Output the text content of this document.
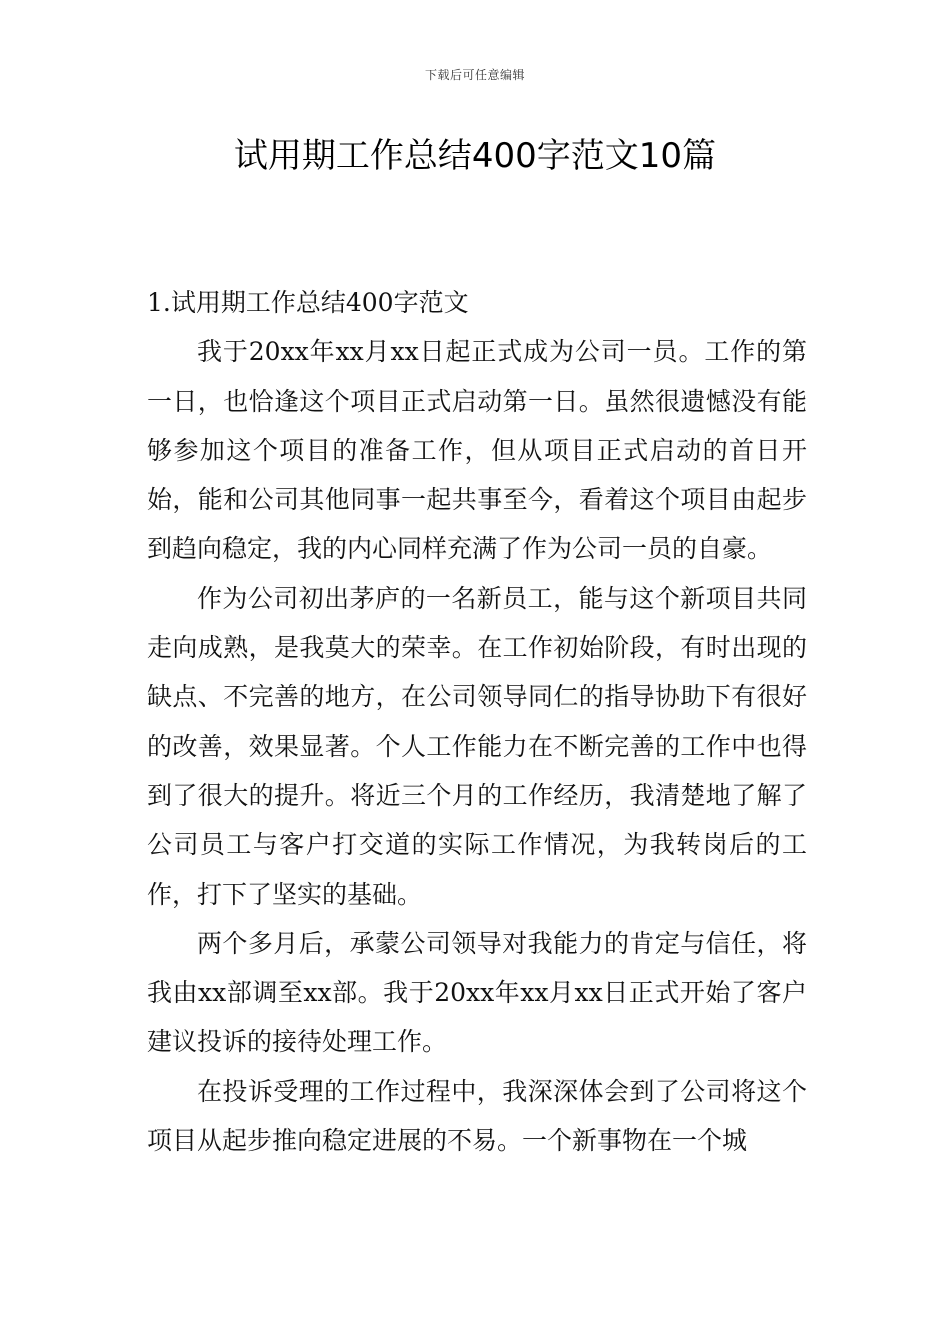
下载后可任意编辑
试用期工作总结400字范文10篇
1.试用期工作总结400字范文

我于20xx年xx月xx日起正式成为公司一员。工作的第一日，也恰逢这个项目正式启动第一日。虽然很遗憾没有能够参加这个项目的准备工作，但从项目正式启动的首日开始，能和公司其他同事一起共事至今，看着这个项目由起步到趋向稳定，我的内心同样充满了作为公司一员的自豪。

作为公司初出茅庐的一名新员工，能与这个新项目共同走向成熟，是我莫大的荣幸。在工作初始阶段，有时出现的缺点、不完善的地方，在公司领导同仁的指导协助下有很好的改善，效果显著。个人工作能力在不断完善的工作中也得到了很大的提升。将近三个月的工作经历，我清楚地了解了公司员工与客户打交道的实际工作情况，为我转岗后的工作，打下了坚实的基础。

两个多月后，承蒙公司领导对我能力的肯定与信任，将我由xx部调至xx部。我于20xx年xx月xx日正式开始了客户建议投诉的接待处理工作。

在投诉受理的工作过程中，我深深体会到了公司将这个项目从起步推向稳定进展的不易。一个新事物在一个城
